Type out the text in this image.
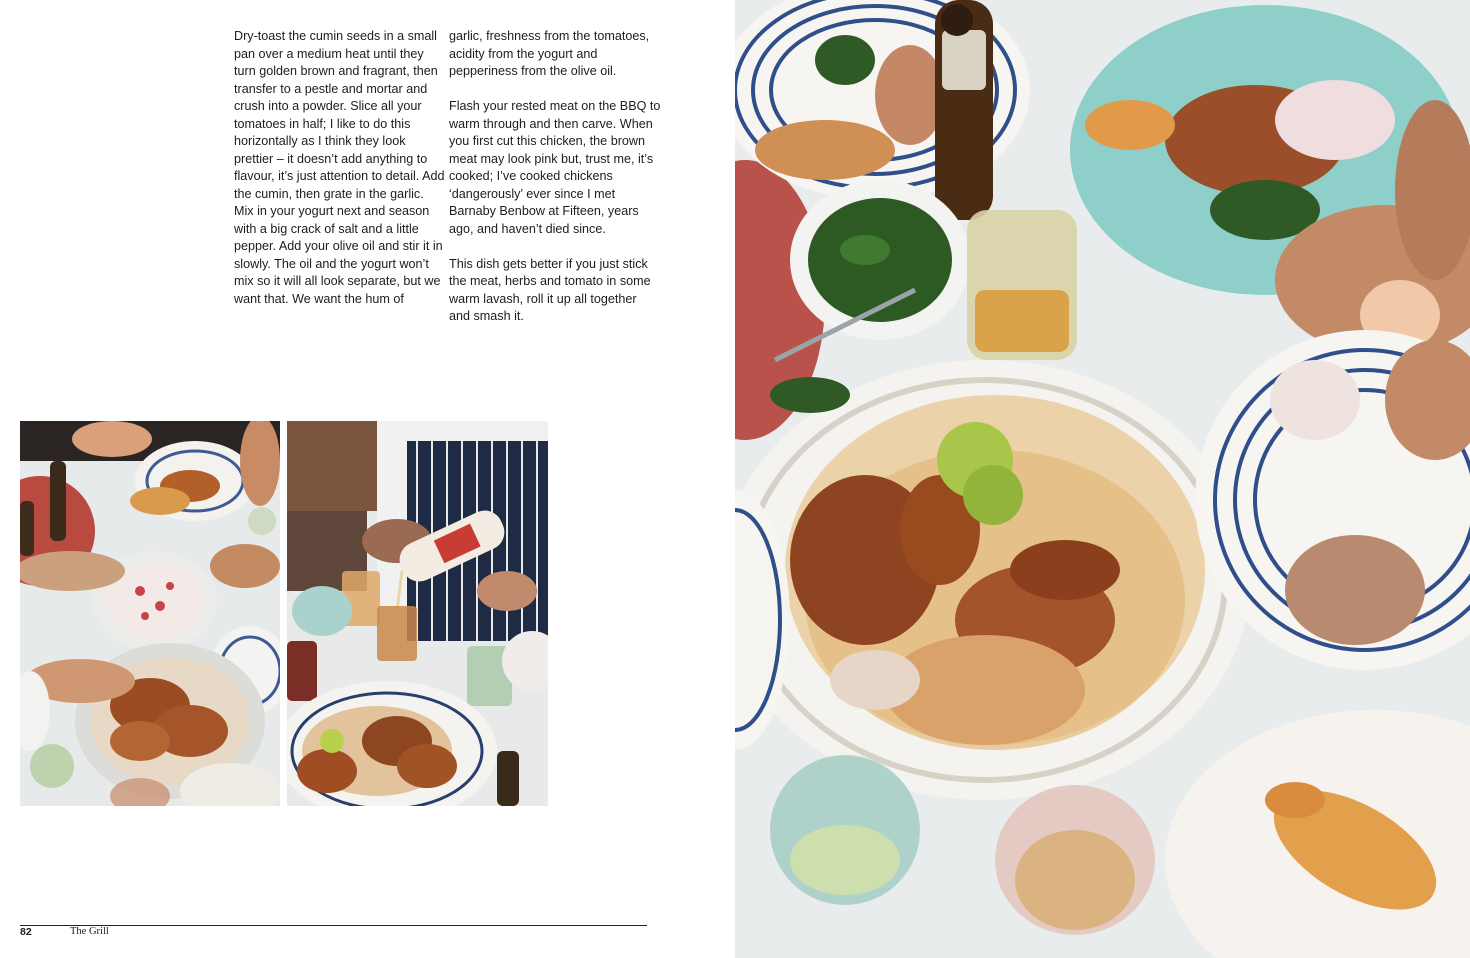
Dry-toast the cumin seeds in a small pan over a medium heat until they turn golden brown and fragrant, then transfer to a pestle and mortar and crush into a powder. Slice all your tomatoes in half; I like to do this horizontally as I think they look prettier – it doesn’t add anything to flavour, it’s just attention to detail. Add the cumin, then grate in the garlic. Mix in your yogurt next and season with a big crack of salt and a little pepper. Add your olive oil and stir it in slowly. The oil and the yogurt won’t mix so it will all look separate, but we want that. We want the hum of

garlic, freshness from the tomatoes, acidity from the yogurt and pepperiness from the olive oil.

Flash your rested meat on the BBQ to warm through and then carve. When you first cut this chicken, the brown meat may look pink but, trust me, it’s cooked; I’ve cooked chickens ‘dangerously’ ever since I met Barnaby Benbow at Fifteen, years ago, and haven’t died since.

This dish gets better if you just stick the meat, herbs and tomato in some warm lavash, roll it up all together and smash it.

82	The Grill
